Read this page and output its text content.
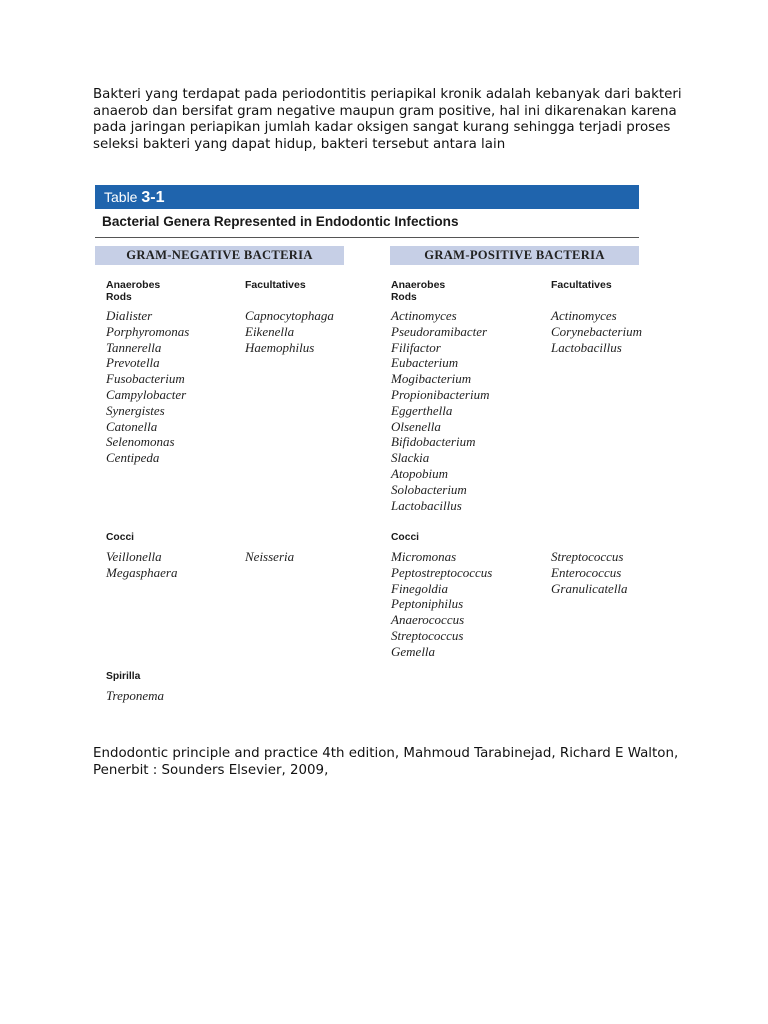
Bakteri yang terdapat pada periodontitis periapikal kronik adalah kebanyak dari bakteri anaerob dan bersifat gram negative maupun gram positive, hal ini dikarenakan karena pada jaringan periapikan jumlah kadar oksigen sangat kurang sehingga terjadi proses seleksi bakteri yang dapat hidup, bakteri tersebut antara lain

Table 3-1
Bacterial Genera Represented in Endodontic Infections
GRAM-NEGATIVE BACTERIA	GRAM-POSITIVE BACTERIA
Anaerobes
Rods
Dialister
Porphyromonas
Tannerella
Prevotella
Fusobacterium
Campylobacter
Synergistes
Catonella
Selenomonas
Centipeda
Cocci
Veillonella
Megasphaera
Spirilla
Treponema
Facultatives
Capnocytophaga
Eikenella
Haemophilus
Neisseria
Anaerobes
Rods
Actinomyces
Pseudoramibacter
Filifactor
Eubacterium
Mogibacterium
Propionibacterium
Eggerthella
Olsenella
Bifidobacterium
Slackia
Atopobium
Solobacterium
Lactobacillus
Cocci
Micromonas
Peptostreptococcus
Finegoldia
Peptoniphilus
Anaerococcus
Streptococcus
Gemella
Facultatives
Actinomyces
Corynebacterium
Lactobacillus
Streptococcus
Enterococcus
Granulicatella

Endodontic principle and practice 4th edition, Mahmoud Tarabinejad, Richard E Walton, Penerbit : Sounders Elsevier, 2009,
